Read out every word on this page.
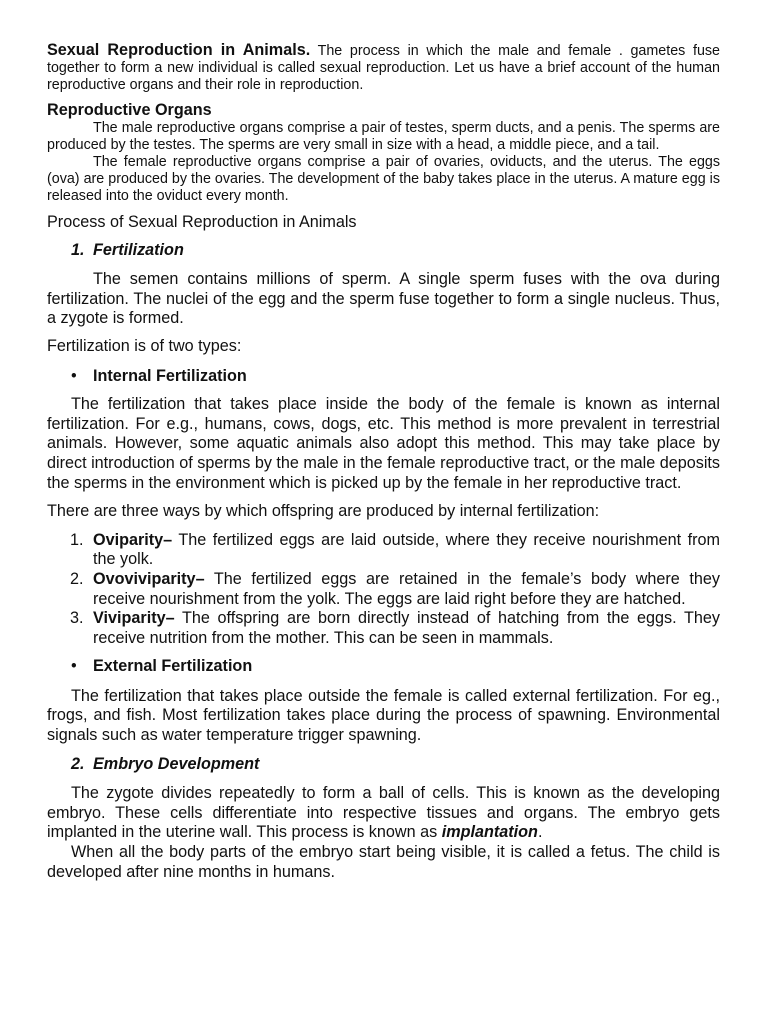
Sexual Reproduction in Animals. The process in which the male and female . gametes fuse together to form a new individual is called sexual reproduction. Let us have a brief account of the human reproductive organs and their role in reproduction.

Reproductive Organs

The male reproductive organs comprise a pair of testes, sperm ducts, and a penis. The sperms are produced by the testes. The sperms are very small in size with a head, a middle piece, and a tail.

The female reproductive organs comprise a pair of ovaries, oviducts, and the uterus. The eggs (ova) are produced by the ovaries. The development of the baby takes place in the uterus. A mature egg is released into the oviduct every month.

Process of Sexual Reproduction in Animals

1. Fertilization

The semen contains millions of sperm. A single sperm fuses with the ova during fertilization. The nuclei of the egg and the sperm fuse together to form a single nucleus. Thus, a zygote is formed.

Fertilization is of two types:

• Internal Fertilization

The fertilization that takes place inside the body of the female is known as internal fertilization. For e.g., humans, cows, dogs, etc. This method is more prevalent in terrestrial animals. However, some aquatic animals also adopt this method. This may take place by direct introduction of sperms by the male in the female reproductive tract, or the male deposits the sperms in the environment which is picked up by the female in her reproductive tract.

There are three ways by which offspring are produced by internal fertilization:

1. Oviparity– The fertilized eggs are laid outside, where they receive nourishment from the yolk.
2. Ovoviviparity– The fertilized eggs are retained in the female’s body where they receive nourishment from the yolk. The eggs are laid right before they are hatched.
3. Viviparity– The offspring are born directly instead of hatching from the eggs. They receive nutrition from the mother. This can be seen in mammals.

• External Fertilization

The fertilization that takes place outside the female is called external fertilization. For eg., frogs, and fish. Most fertilization takes place during the process of spawning. Environmental signals such as water temperature trigger spawning.

2. Embryo Development

The zygote divides repeatedly to form a ball of cells. This is known as the developing embryo. These cells differentiate into respective tissues and organs. The embryo gets implanted in the uterine wall. This process is known as implantation.

When all the body parts of the embryo start being visible, it is called a fetus. The child is developed after nine months in humans.
